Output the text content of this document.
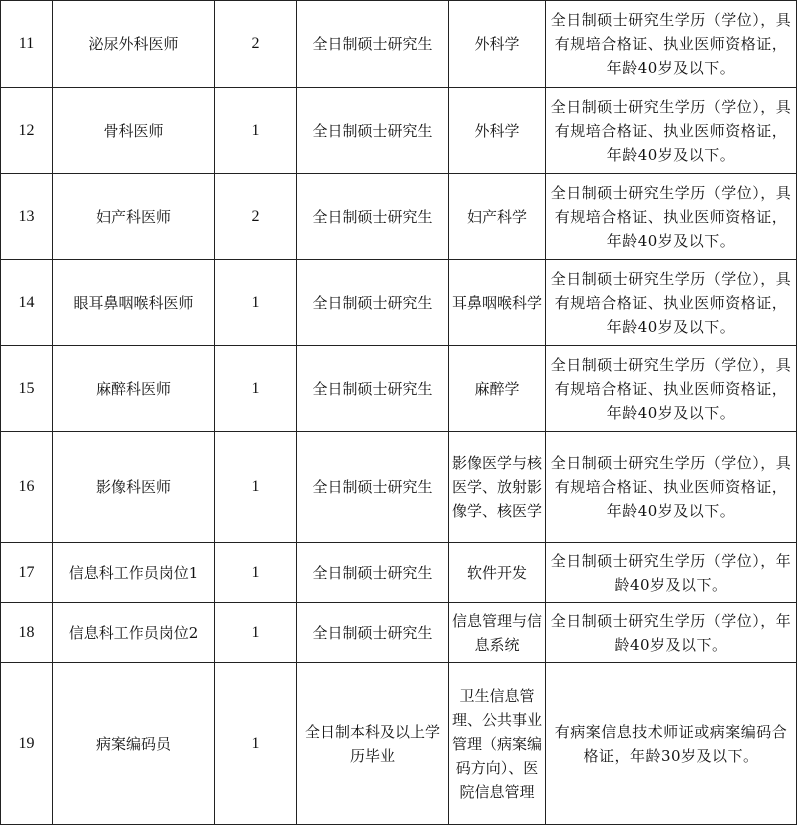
11	泌尿外科医师	2	全日制硕士研究生	外科学	全日制硕士研究生学历（学位），具有规培合格证、执业医师资格证，年龄40岁及以下。
12	骨科医师	1	全日制硕士研究生	外科学	全日制硕士研究生学历（学位），具有规培合格证、执业医师资格证，年龄40岁及以下。
13	妇产科医师	2	全日制硕士研究生	妇产科学	全日制硕士研究生学历（学位），具有规培合格证、执业医师资格证，年龄40岁及以下。
14	眼耳鼻咽喉科医师	1	全日制硕士研究生	耳鼻咽喉科学	全日制硕士研究生学历（学位），具有规培合格证、执业医师资格证，年龄40岁及以下。
15	麻醉科医师	1	全日制硕士研究生	麻醉学	全日制硕士研究生学历（学位），具有规培合格证、执业医师资格证，年龄40岁及以下。
16	影像科医师	1	全日制硕士研究生	影像医学与核医学、放射影像学、核医学	全日制硕士研究生学历（学位），具有规培合格证、执业医师资格证，年龄40岁及以下。
17	信息科工作员岗位1	1	全日制硕士研究生	软件开发	全日制硕士研究生学历（学位），年龄40岁及以下。
18	信息科工作员岗位2	1	全日制硕士研究生	信息管理与信息系统	全日制硕士研究生学历（学位），年龄40岁及以下。
19	病案编码员	1	全日制本科及以上学历毕业	卫生信息管理、公共事业管理（病案编码方向）、医院信息管理	有病案信息技术师证或病案编码合格证，年龄30岁及以下。
